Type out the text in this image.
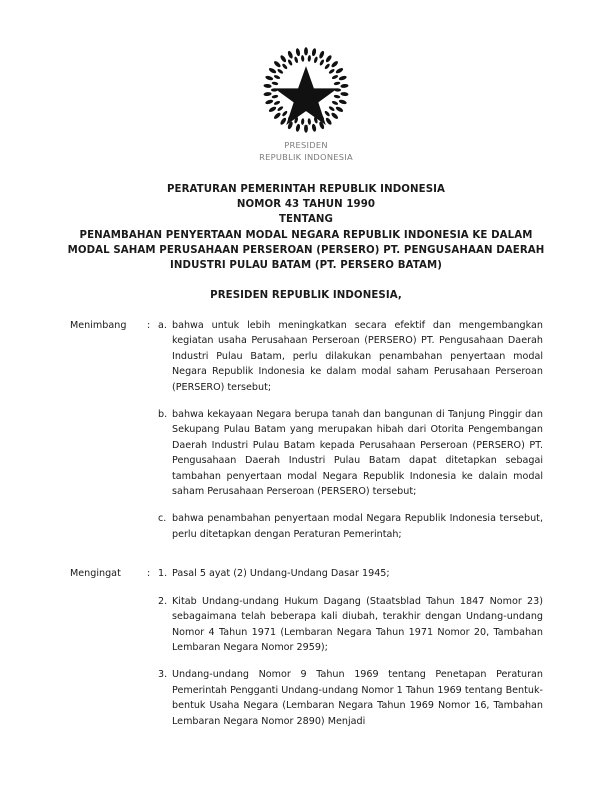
PRESIDEN
REPUBLIK INDONESIA
PERATURAN PEMERINTAH REPUBLIK INDONESIA
NOMOR 43 TAHUN 1990
TENTANG
PENAMBAHAN PENYERTAAN MODAL NEGARA REPUBLIK INDONESIA KE DALAM
MODAL SAHAM PERUSAHAAN PERSEROAN (PERSERO) PT. PENGUSAHAAN DAERAH
INDUSTRI PULAU BATAM (PT. PERSERO BATAM)
PRESIDEN REPUBLIK INDONESIA,
Menimbang	: a. bahwa untuk lebih meningkatkan secara efektif dan mengembangkan kegiatan usaha Perusahaan Perseroan (PERSERO) PT. Pengusahaan Daerah Industri Pulau Batam, perlu dilakukan penambahan penyertaan modal Negara Republik Indonesia ke dalam modal saham Perusahaan Perseroan (PERSERO) tersebut;
b. bahwa kekayaan Negara berupa tanah dan bangunan di Tanjung Pinggir dan Sekupang Pulau Batam yang merupakan hibah dari Otorita Pengembangan Daerah Industri Pulau Batam kepada Perusahaan Perseroan (PERSERO) PT. Pengusahaan Daerah Industri Pulau Batam dapat ditetapkan sebagai tambahan penyertaan modal Negara Republik Indonesia ke dalain modal saham Perusahaan Perseroan (PERSERO) tersebut;
c. bahwa penambahan penyertaan modal Negara Republik Indonesia tersebut, perlu ditetapkan dengan Peraturan Pemerintah;
Mengingat	: 1. Pasal 5 ayat (2) Undang-Undang Dasar 1945;
2. Kitab Undang-undang Hukum Dagang (Staatsblad Tahun 1847 Nomor 23) sebagaimana telah beberapa kali diubah, terakhir dengan Undang-undang Nomor 4 Tahun 1971 (Lembaran Negara Tahun 1971 Nomor 20, Tambahan Lembaran Negara Nomor 2959);
3. Undang-undang Nomor 9 Tahun 1969 tentang Penetapan Peraturan Pemerintah Pengganti Undang-undang Nomor 1 Tahun 1969 tentang Bentuk-bentuk Usaha Negara (Lembaran Negara Tahun 1969 Nomor 16, Tambahan Lembaran Negara Nomor 2890) Menjadi
